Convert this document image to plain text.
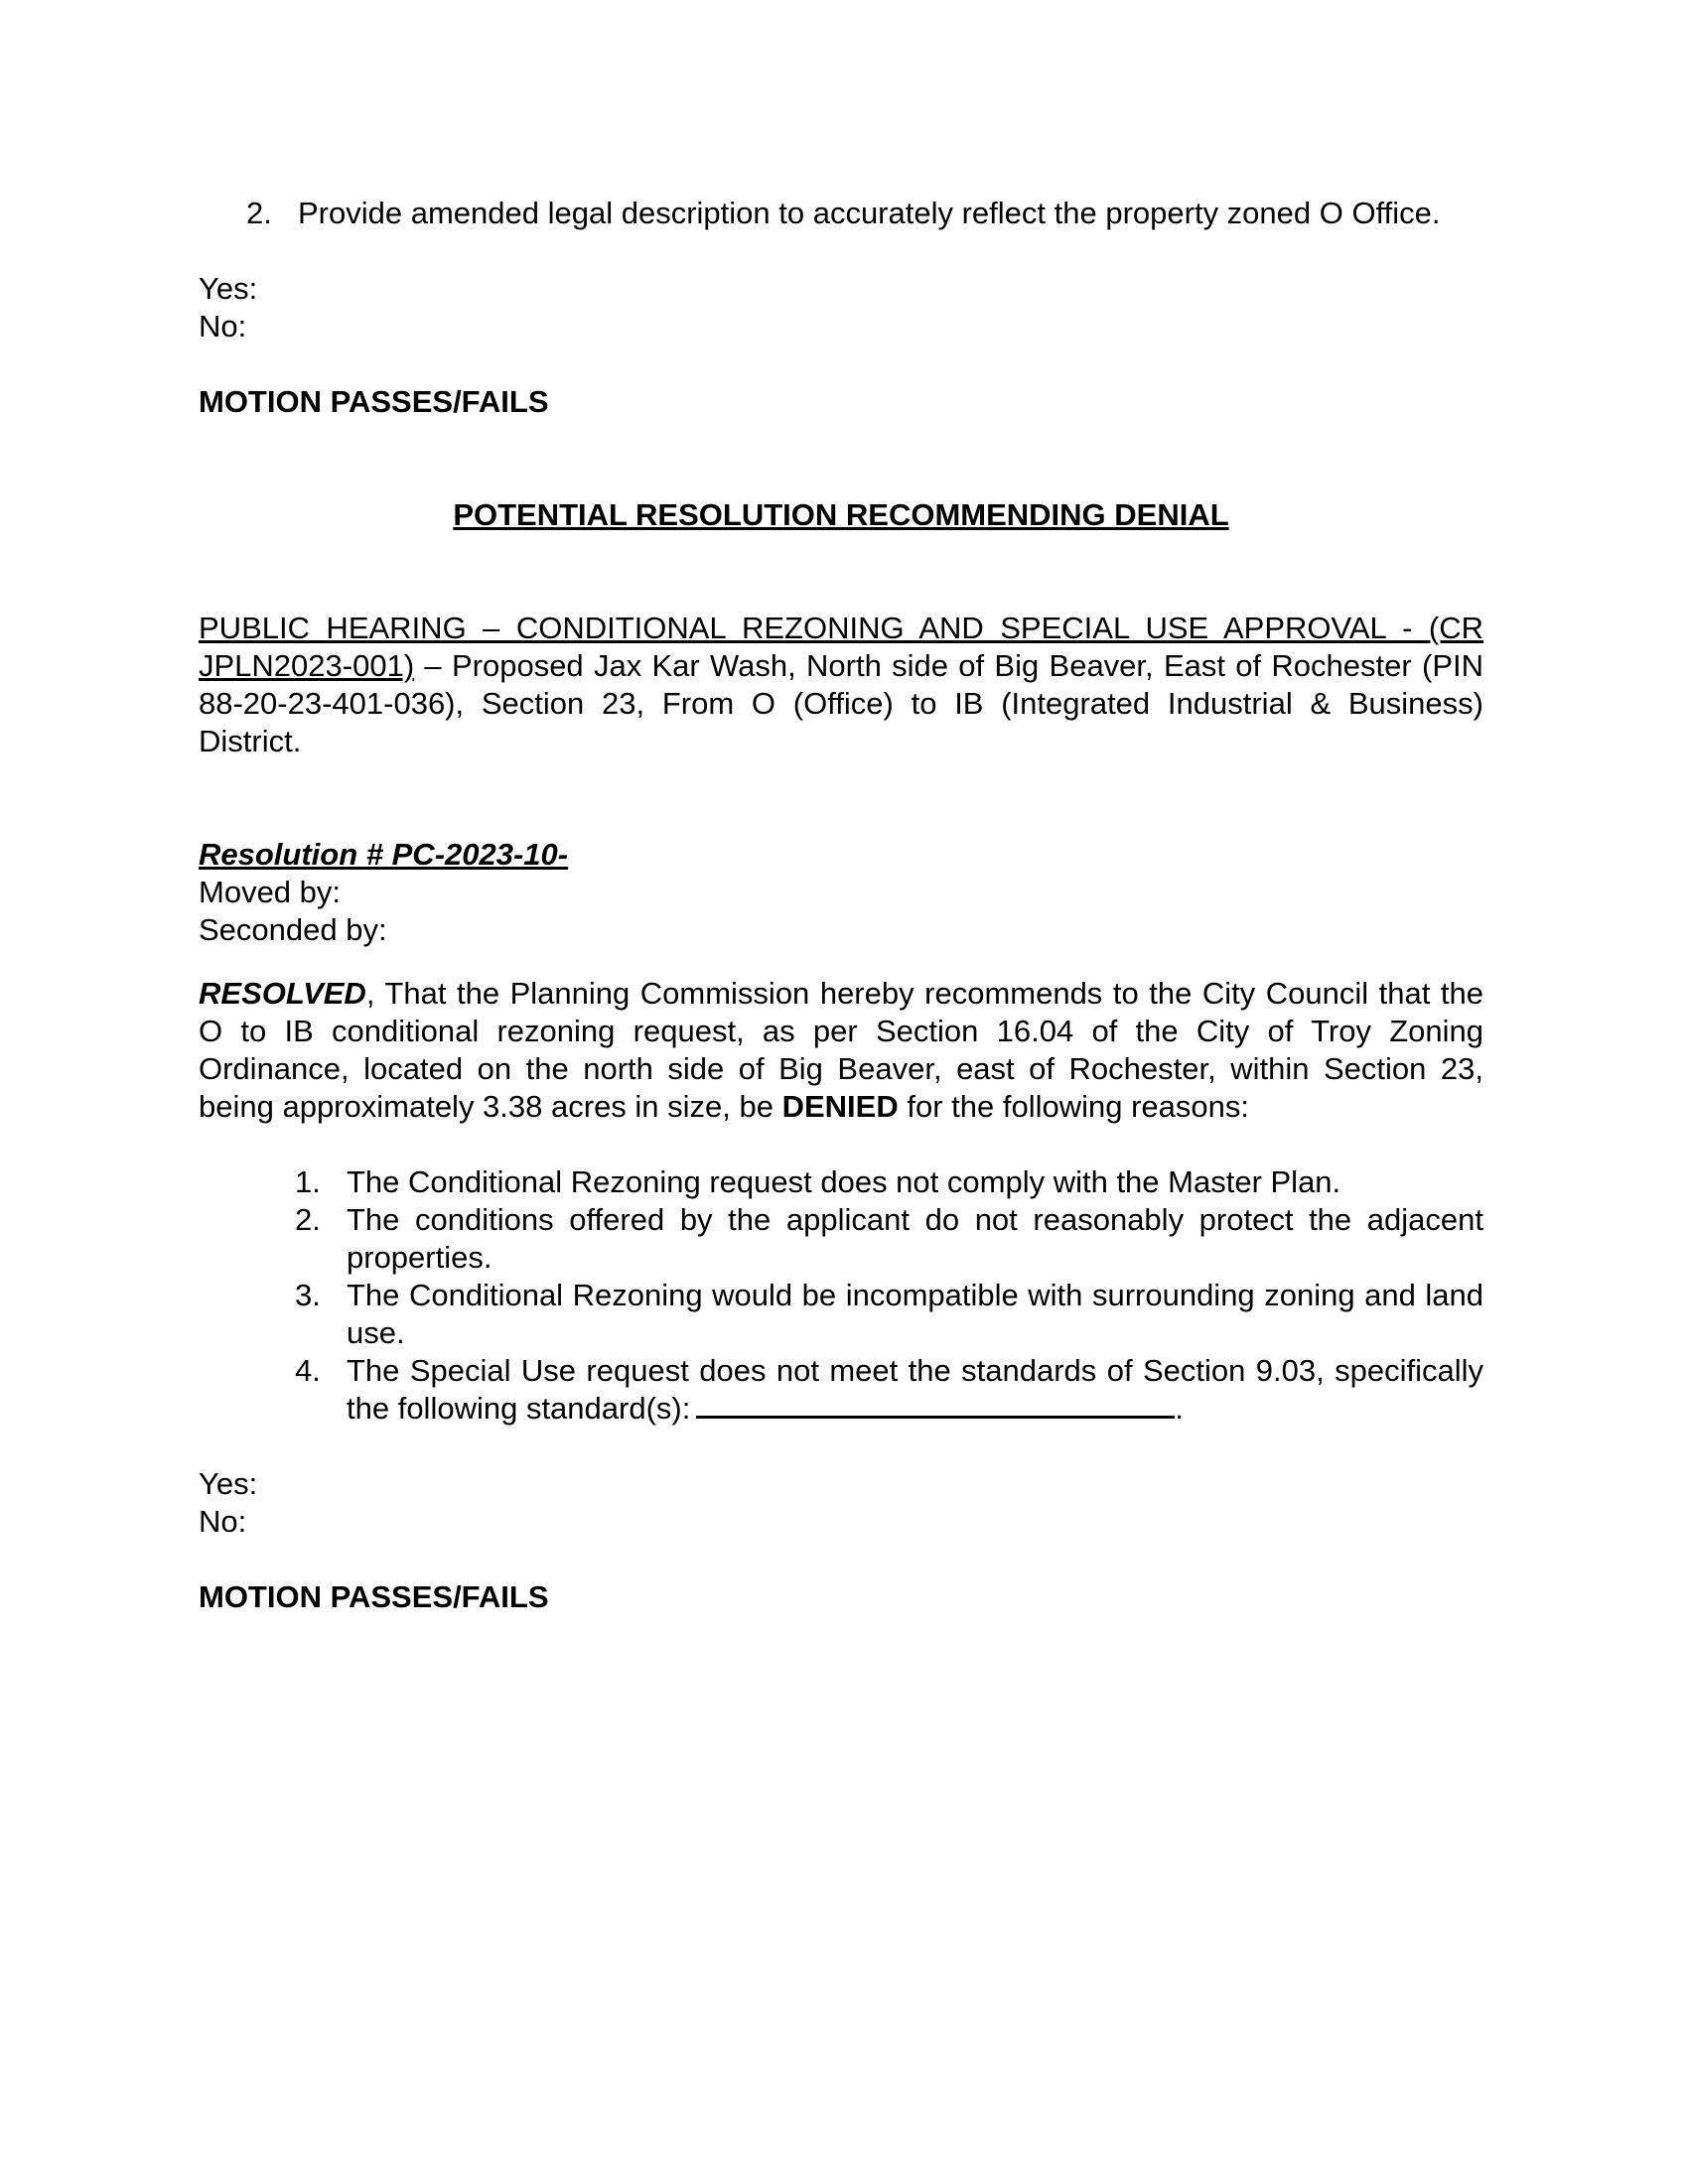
2. Provide amended legal description to accurately reflect the property zoned O Office.
Yes:
No:
MOTION PASSES/FAILS
POTENTIAL RESOLUTION RECOMMENDING DENIAL

PUBLIC HEARING – CONDITIONAL REZONING AND SPECIAL USE APPROVAL - (CR JPLN2023-001) – Proposed Jax Kar Wash, North side of Big Beaver, East of Rochester (PIN 88-20-23-401-036), Section 23, From O (Office) to IB (Integrated Industrial & Business) District.

Resolution # PC-2023-10-
Moved by:
Seconded by:

RESOLVED, That the Planning Commission hereby recommends to the City Council that the O to IB conditional rezoning request, as per Section 16.04 of the City of Troy Zoning Ordinance, located on the north side of Big Beaver, east of Rochester, within Section 23, being approximately 3.38 acres in size, be DENIED for the following reasons:

1. The Conditional Rezoning request does not comply with the Master Plan.
2. The conditions offered by the applicant do not reasonably protect the adjacent properties.
3. The Conditional Rezoning would be incompatible with surrounding zoning and land use.
4. The Special Use request does not meet the standards of Section 9.03, specifically the following standard(s):	.
Yes:
No:
MOTION PASSES/FAILS
